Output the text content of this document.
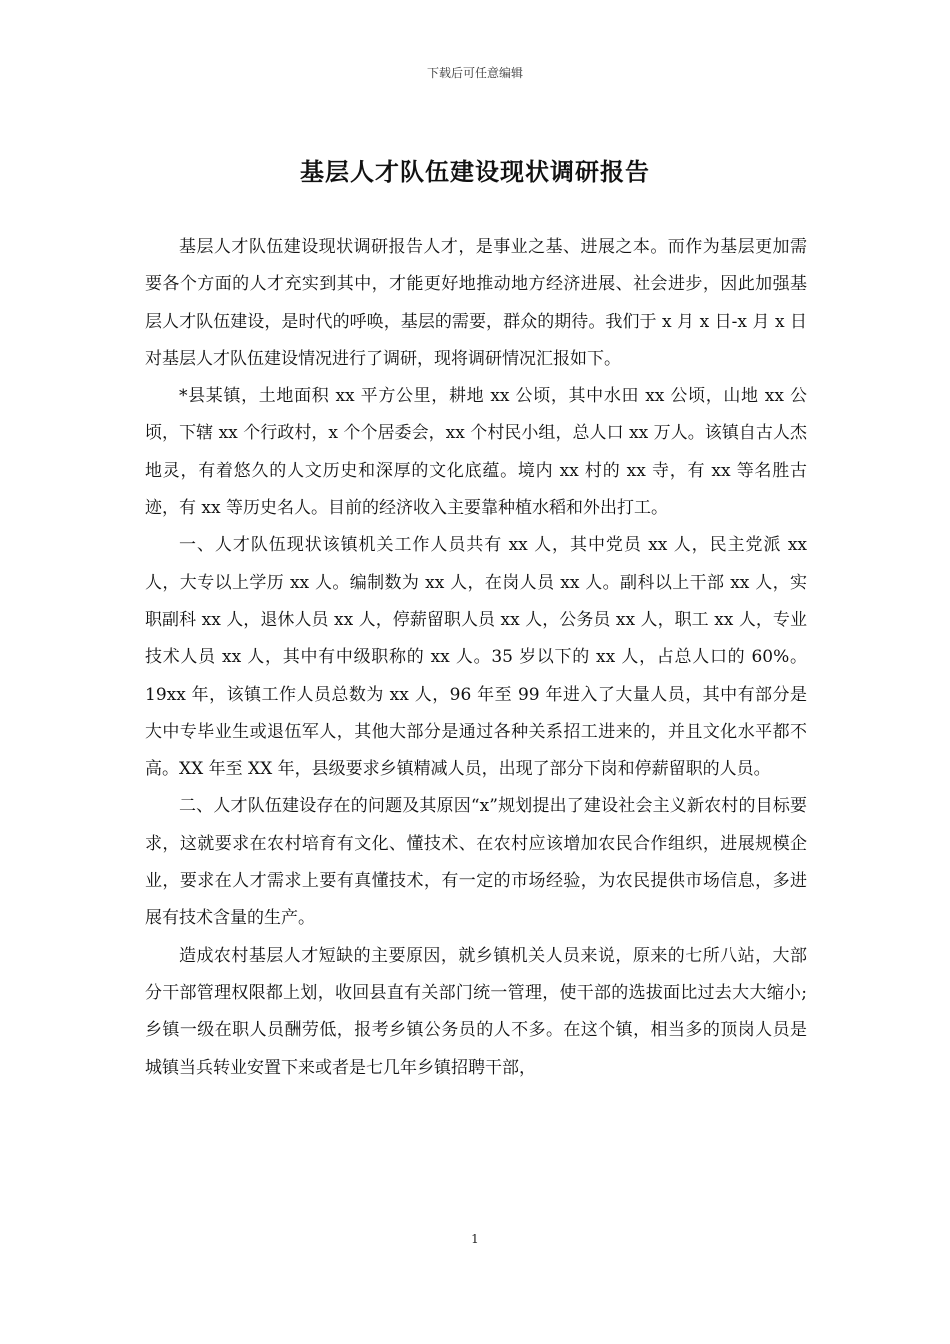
下载后可任意编辑
基层人才队伍建设现状调研报告

基层人才队伍建设现状调研报告人才，是事业之基、进展之本。而作为基层更加需要各个方面的人才充实到其中，才能更好地推动地方经济进展、社会进步，因此加强基层人才队伍建设，是时代的呼唤，基层的需要，群众的期待。我们于 x 月 x 日-x 月 x 日对基层人才队伍建设情况进行了调研，现将调研情况汇报如下。

*县某镇，土地面积 xx 平方公里，耕地 xx 公顷，其中水田 xx 公顷，山地 xx 公顷，下辖 xx 个行政村，x 个个居委会，xx 个村民小组，总人口 xx 万人。该镇自古人杰地灵，有着悠久的人文历史和深厚的文化底蕴。境内 xx 村的 xx 寺，有 xx 等名胜古迹，有 xx 等历史名人。目前的经济收入主要靠种植水稻和外出打工。

一、人才队伍现状该镇机关工作人员共有 xx 人，其中党员 xx 人，民主党派 xx 人，大专以上学历 xx 人。编制数为 xx 人，在岗人员 xx 人。副科以上干部 xx 人，实职副科 xx 人，退休人员 xx 人，停薪留职人员 xx 人，公务员 xx 人，职工 xx 人，专业技术人员 xx 人，其中有中级职称的 xx 人。35 岁以下的 xx 人，占总人口的 60%。19xx 年，该镇工作人员总数为 xx 人，96 年至 99 年进入了大量人员，其中有部分是大中专毕业生或退伍军人，其他大部分是通过各种关系招工进来的，并且文化水平都不高。XX 年至 XX 年，县级要求乡镇精减人员，出现了部分下岗和停薪留职的人员。

二、人才队伍建设存在的问题及其原因“x”规划提出了建设社会主义新农村的目标要求，这就要求在农村培育有文化、懂技术、在农村应该增加农民合作组织，进展规模企业，要求在人才需求上要有真懂技术，有一定的市场经验，为农民提供市场信息，多进展有技术含量的生产。

造成农村基层人才短缺的主要原因，就乡镇机关人员来说，原来的七所八站，大部分干部管理权限都上划，收回县直有关部门统一管理，使干部的选拔面比过去大大缩小;乡镇一级在职人员酬劳低，报考乡镇公务员的人不多。在这个镇，相当多的顶岗人员是城镇当兵转业安置下来或者是七几年乡镇招聘干部，

1
